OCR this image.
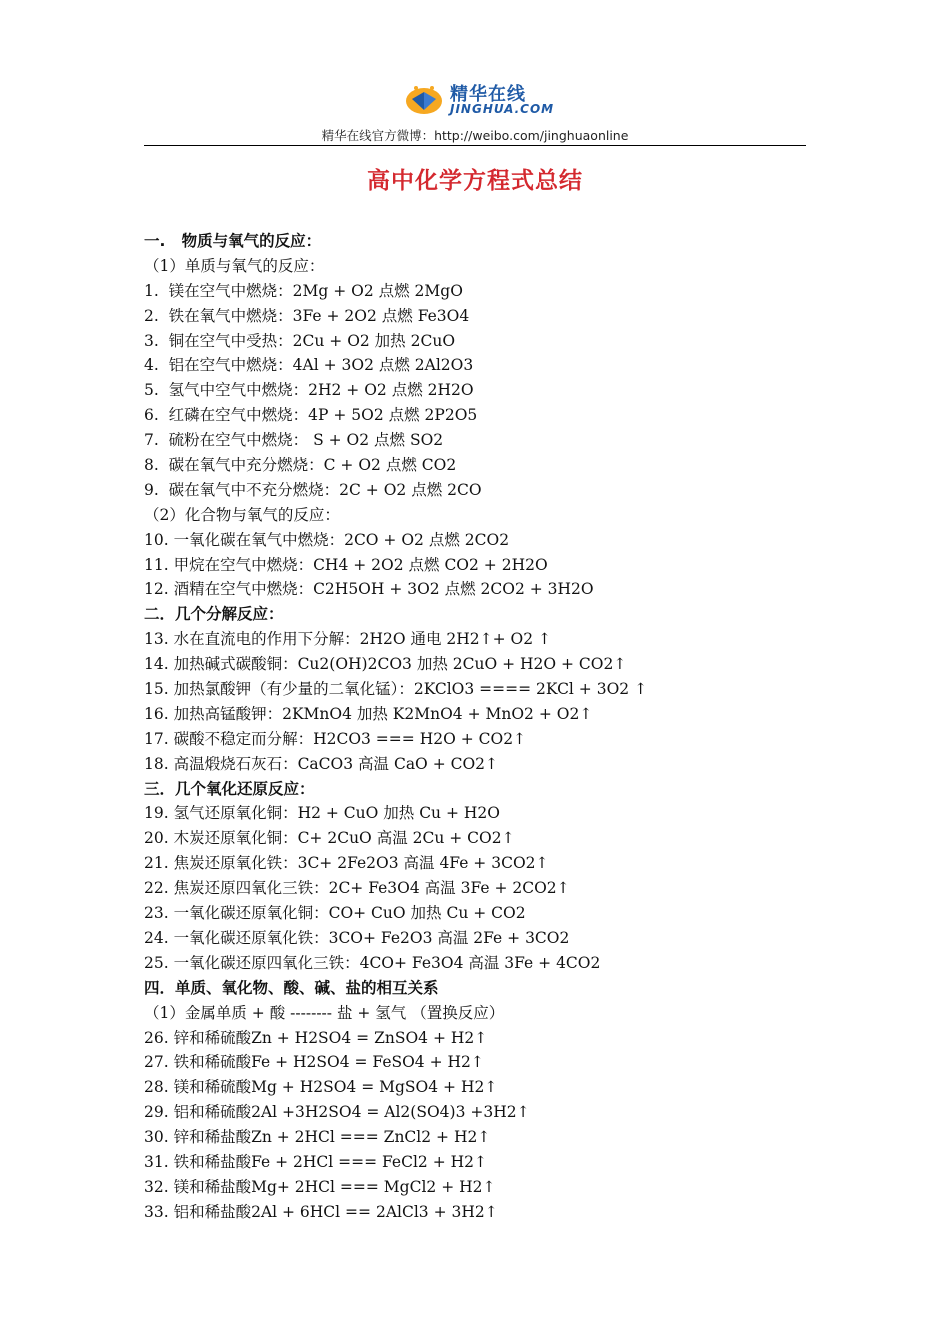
精华在线
JINGHUA.COM
精华在线官方微博：http://weibo.com/jinghuaonline
高中化学方程式总结
一.   物质与氧气的反应：
（1）单质与氧气的反应：
1.  镁在空气中燃烧：2Mg + O2 点燃 2MgO
2.  铁在氧气中燃烧：3Fe + 2O2 点燃 Fe3O4
3.  铜在空气中受热：2Cu + O2 加热 2CuO
4.  铝在空气中燃烧：4Al + 3O2 点燃 2Al2O3
5.  氢气中空气中燃烧：2H2 + O2 点燃 2H2O
6.  红磷在空气中燃烧：4P + 5O2 点燃 2P2O5
7.  硫粉在空气中燃烧： S + O2 点燃 SO2
8.  碳在氧气中充分燃烧：C + O2 点燃 CO2
9.  碳在氧气中不充分燃烧：2C + O2 点燃 2CO
（2）化合物与氧气的反应：
10. 一氧化碳在氧气中燃烧：2CO + O2 点燃 2CO2
11. 甲烷在空气中燃烧：CH4 + 2O2 点燃 CO2 + 2H2O
12. 酒精在空气中燃烧：C2H5OH + 3O2 点燃 2CO2 + 3H2O
二．几个分解反应：
13. 水在直流电的作用下分解：2H2O 通电 2H2↑+ O2 ↑
14. 加热碱式碳酸铜：Cu2(OH)2CO3 加热 2CuO + H2O + CO2↑
15. 加热氯酸钾（有少量的二氧化锰）：2KClO3 ==== 2KCl + 3O2 ↑
16. 加热高锰酸钾：2KMnO4 加热 K2MnO4 + MnO2 + O2↑
17. 碳酸不稳定而分解：H2CO3 === H2O + CO2↑
18. 高温煅烧石灰石：CaCO3 高温 CaO + CO2↑
三．几个氧化还原反应：
19. 氢气还原氧化铜：H2 + CuO 加热 Cu + H2O
20. 木炭还原氧化铜：C+ 2CuO 高温 2Cu + CO2↑
21. 焦炭还原氧化铁：3C+ 2Fe2O3 高温 4Fe + 3CO2↑
22. 焦炭还原四氧化三铁：2C+ Fe3O4 高温 3Fe + 2CO2↑
23. 一氧化碳还原氧化铜：CO+ CuO 加热 Cu + CO2
24. 一氧化碳还原氧化铁：3CO+ Fe2O3 高温 2Fe + 3CO2
25. 一氧化碳还原四氧化三铁：4CO+ Fe3O4 高温 3Fe + 4CO2
四．单质、氧化物、酸、碱、盐的相互关系
（1）金属单质 + 酸 -------- 盐 + 氢气 （置换反应）
26. 锌和稀硫酸Zn + H2SO4 = ZnSO4 + H2↑
27. 铁和稀硫酸Fe + H2SO4 = FeSO4 + H2↑
28. 镁和稀硫酸Mg + H2SO4 = MgSO4 + H2↑
29. 铝和稀硫酸2Al +3H2SO4 = Al2(SO4)3 +3H2↑
30. 锌和稀盐酸Zn + 2HCl === ZnCl2 + H2↑
31. 铁和稀盐酸Fe + 2HCl === FeCl2 + H2↑
32. 镁和稀盐酸Mg+ 2HCl === MgCl2 + H2↑
33. 铝和稀盐酸2Al + 6HCl == 2AlCl3 + 3H2↑
